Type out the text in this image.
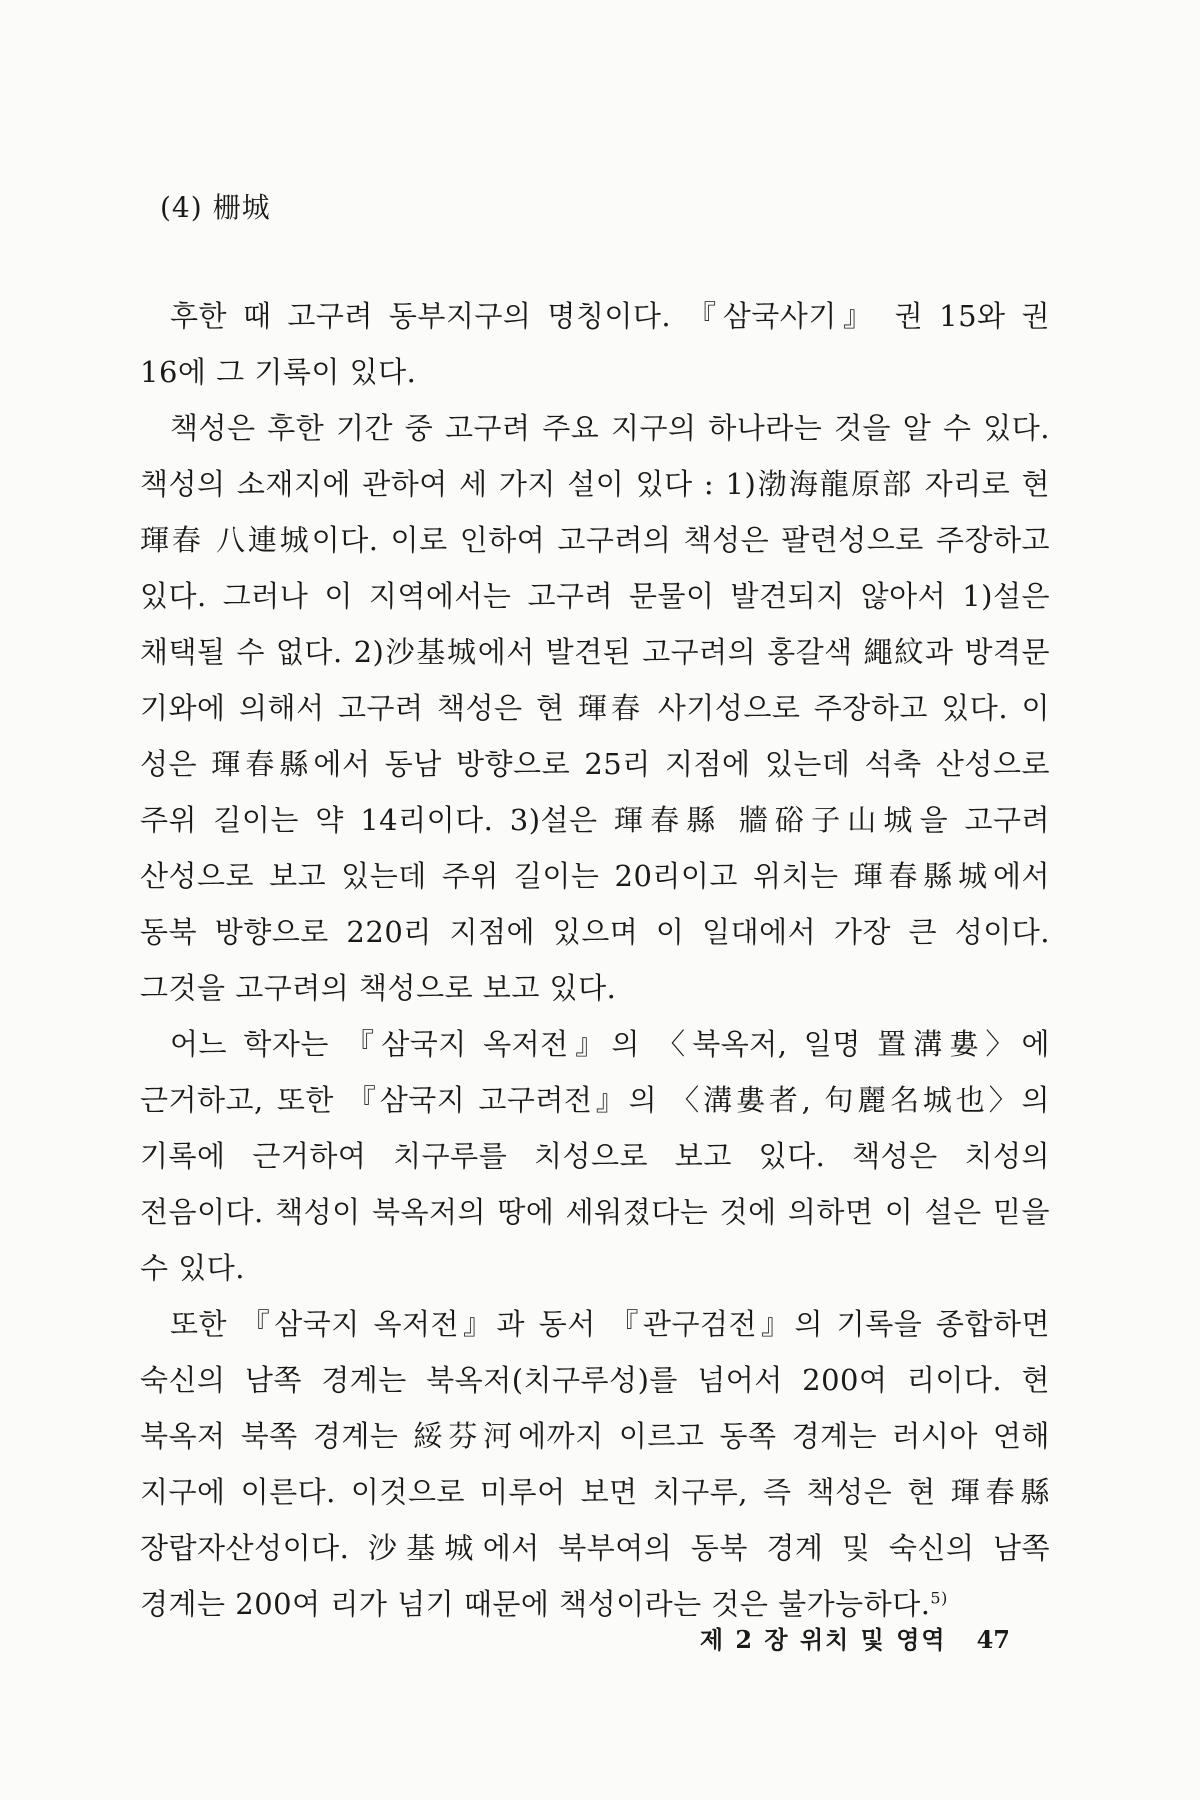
(4) 栅城

후한 때 고구려 동부지구의 명칭이다. 『삼국사기』 권 15와 권 16에 그 기록이 있다.

책성은 후한 기간 중 고구려 주요 지구의 하나라는 것을 알 수 있다. 책성의 소재지에 관하여 세 가지 설이 있다 : 1)渤海龍原部 자리로 현 琿春 八連城이다. 이로 인하여 고구려의 책성은 팔련성으로 주장하고 있다. 그러나 이 지역에서는 고구려 문물이 발견되지 않아서 1)설은 채택될 수 없다. 2)沙基城에서 발견된 고구려의 홍갈색 繩紋과 방격문 기와에 의해서 고구려 책성은 현 琿春 사기성으로 주장하고 있다. 이 성은 琿春縣에서 동남 방향으로 25리 지점에 있는데 석축 산성으로 주위 길이는 약 14리이다. 3)설은 琿春縣 牆硲子山城을 고구려 산성으로 보고 있는데 주위 길이는 20리이고 위치는 琿春縣城에서 동북 방향으로 220리 지점에 있으며 이 일대에서 가장 큰 성이다. 그것을 고구려의 책성으로 보고 있다.

어느 학자는 『삼국지 옥저전』의 〈북옥저, 일명 置溝婁〉에 근거하고, 또한 『삼국지 고구려전』의 〈溝婁者, 句麗名城也〉의 기록에 근거하여 치구루를 치성으로 보고 있다. 책성은 치성의 전음이다. 책성이 북옥저의 땅에 세워졌다는 것에 의하면 이 설은 믿을 수 있다.

또한 『삼국지 옥저전』과 동서 『관구검전』의 기록을 종합하면 숙신의 남쪽 경계는 북옥저(치구루성)를 넘어서 200여 리이다. 현 북옥저 북쪽 경계는 綏芬河에까지 이르고 동쪽 경계는 러시아 연해 지구에 이른다. 이것으로 미루어 보면 치구루, 즉 책성은 현 琿春縣 장랍자산성이다. 沙基城에서 북부여의 동북 경계 및 숙신의 남쪽 경계는 200여 리가 넘기 때문에 책성이라는 것은 불가능하다.$^{5)}$

제 2 장 위치 및 영역 47
